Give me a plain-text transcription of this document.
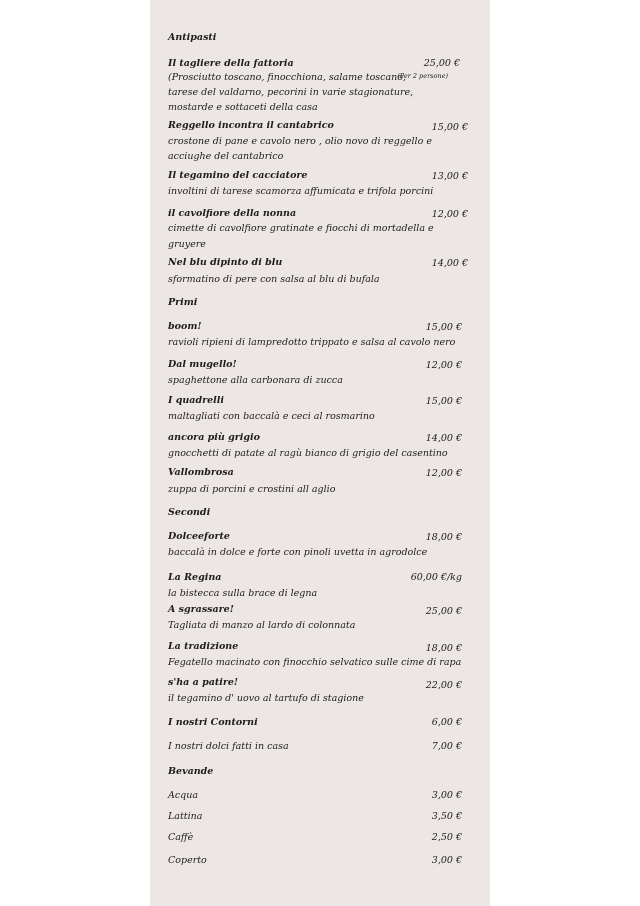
Antipasti
Il tagliere della fattoria	25,00 €
(Prosciutto toscano, finocchiona, salame toscano,
(Per 2 persone)
tarese del valdarno, pecorini in varie stagionature,
mostarde e sottaceti della casa
Reggello incontra il cantabrico	15,00 €
crostone di pane e cavolo nero , olio novo di reggello e
acciughe del cantabrico
Il tegamino del cacciatore	13,00 €
involtini di tarese scamorza affumicata e trifola porcini
il cavolfiore della nonna	12,00 €
cimette di cavolfiore gratinate e fiocchi di mortadella e
gruyere
Nel blu dipinto di blu	14,00 €
sformatino di pere con salsa al blu di bufala
Primi
boom!	15,00 €
ravioli ripieni di lampredotto trippato e salsa al cavolo nero
Dal mugello!	12,00 €
spaghettone alla carbonara di zucca
I quadrelli	15,00 €
maltagliati con baccalà e ceci al rosmarino
ancora più grigio	14,00 €
gnocchetti di patate al ragù bianco di grigio del casentino
Vallombrosa	12,00 €
zuppa di porcini e crostini all aglio
Secondi
Dolceeforte	18,00 €
baccalà in dolce e forte con pinoli uvetta in agrodolce
La Regina	60,00 €/kg
la bistecca sulla brace di legna
A sgrassare!	25,00 €
Tagliata di manzo al lardo di colonnata
La tradizione	18,00 €
Fegatello macinato con finocchio selvatico sulle cime di rapa
s'ha a patire!	22,00 €
il tegamino d' uovo al tartufo di stagione
I nostri Contorni	6,00 €
I nostri dolci fatti in casa	7,00 €
Bevande
Acqua	3,00 €
Lattina	3,50 €
Caffè	2,50 €
Coperto	3,00 €
